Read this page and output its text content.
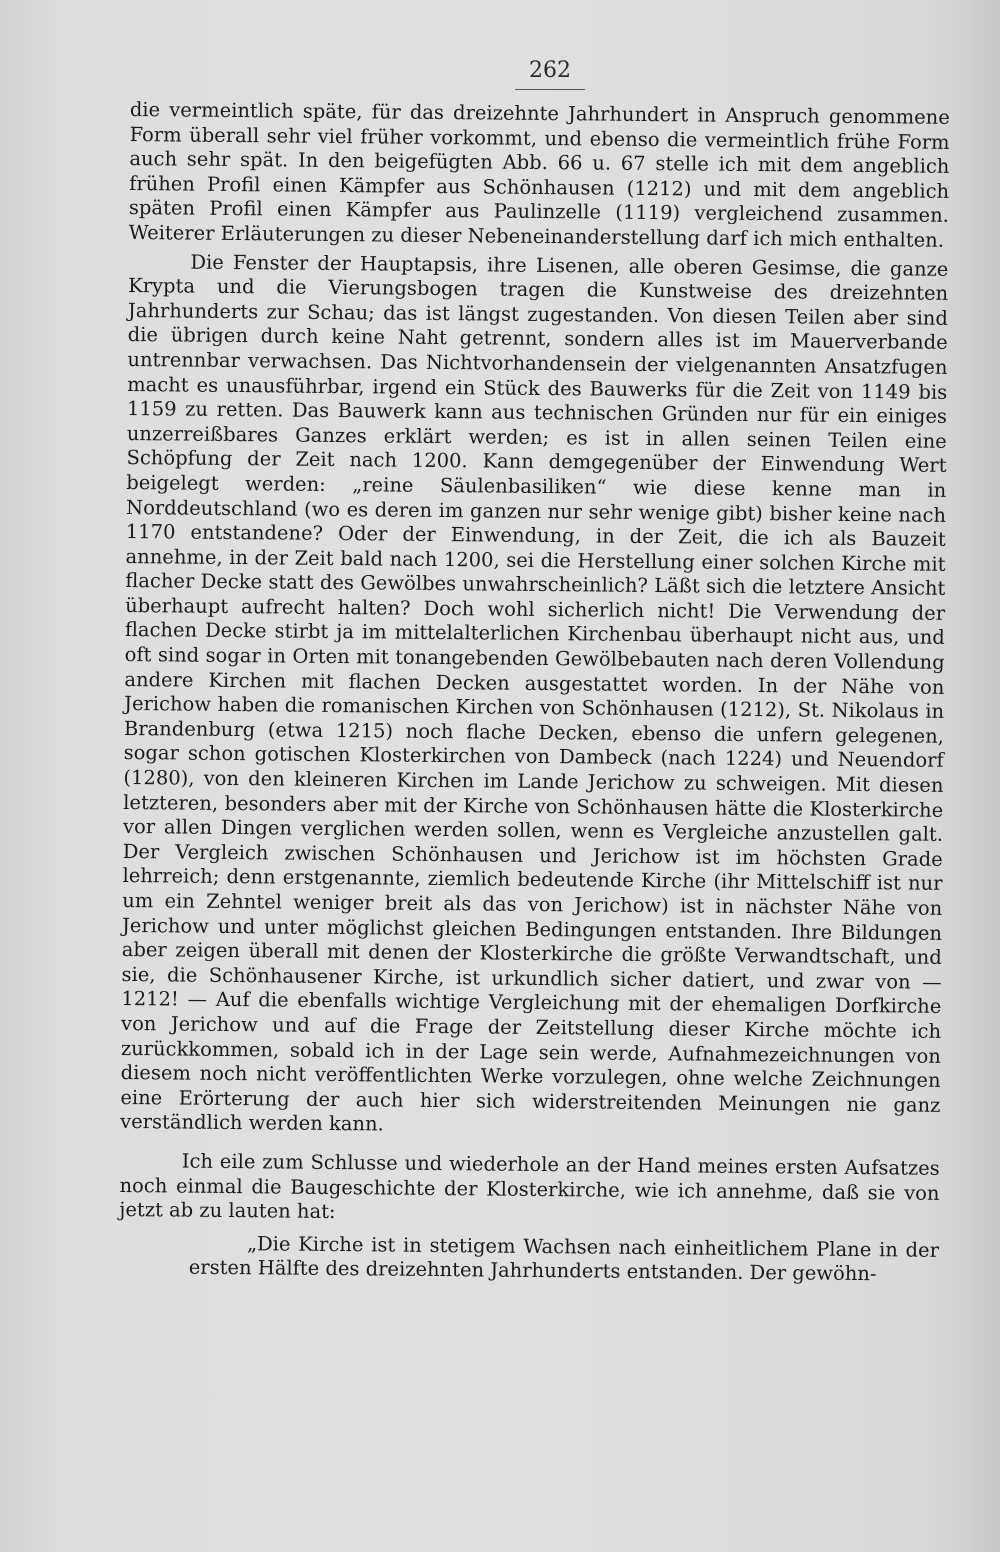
262

die vermeintlich späte, für das dreizehnte Jahrhundert in Anspruch genommene Form überall sehr viel früher vorkommt, und ebenso die vermeintlich frühe Form auch sehr spät. In den beigefügten Abb. 66 u. 67 stelle ich mit dem angeblich frühen Profil einen Kämpfer aus Schönhausen (1212) und mit dem angeblich späten Profil einen Kämpfer aus Paulinzelle (1119) vergleichend zusammen. Weiterer Erläuterungen zu dieser Nebeneinanderstellung darf ich mich enthalten.

Die Fenster der Hauptapsis, ihre Lisenen, alle oberen Gesimse, die ganze Krypta und die Vierungsbogen tragen die Kunstweise des dreizehnten Jahrhunderts zur Schau; das ist längst zugestanden. Von diesen Teilen aber sind die übrigen durch keine Naht getrennt, sondern alles ist im Mauerverbande untrennbar verwachsen. Das Nichtvorhandensein der vielgenannten Ansatzfugen macht es unausführbar, irgend ein Stück des Bauwerks für die Zeit von 1149 bis 1159 zu retten. Das Bauwerk kann aus technischen Gründen nur für ein einiges unzerreißbares Ganzes erklärt werden; es ist in allen seinen Teilen eine Schöpfung der Zeit nach 1200. Kann demgegenüber der Einwendung Wert beigelegt werden: „reine Säulenbasiliken“ wie diese kenne man in Norddeutschland (wo es deren im ganzen nur sehr wenige gibt) bisher keine nach 1170 entstandene? Oder der Einwendung, in der Zeit, die ich als Bauzeit annehme, in der Zeit bald nach 1200, sei die Herstellung einer solchen Kirche mit flacher Decke statt des Gewölbes unwahrscheinlich? Läßt sich die letztere Ansicht überhaupt aufrecht halten? Doch wohl sicherlich nicht! Die Verwendung der flachen Decke stirbt ja im mittelalterlichen Kirchenbau überhaupt nicht aus, und oft sind sogar in Orten mit tonangebenden Gewölbebauten nach deren Vollendung andere Kirchen mit flachen Decken ausgestattet worden. In der Nähe von Jerichow haben die romanischen Kirchen von Schönhausen (1212), St. Nikolaus in Brandenburg (etwa 1215) noch flache Decken, ebenso die unfern gelegenen, sogar schon gotischen Klosterkirchen von Dambeck (nach 1224) und Neuendorf (1280), von den kleineren Kirchen im Lande Jerichow zu schweigen. Mit diesen letzteren, besonders aber mit der Kirche von Schönhausen hätte die Klosterkirche vor allen Dingen verglichen werden sollen, wenn es Vergleiche anzustellen galt. Der Vergleich zwischen Schönhausen und Jerichow ist im höchsten Grade lehrreich; denn erstgenannte, ziemlich bedeutende Kirche (ihr Mittelschiff ist nur um ein Zehntel weniger breit als das von Jerichow) ist in nächster Nähe von Jerichow und unter möglichst gleichen Bedingungen entstanden. Ihre Bildungen aber zeigen überall mit denen der Klosterkirche die größte Verwandtschaft, und sie, die Schönhausener Kirche, ist urkundlich sicher datiert, und zwar von — 1212! — Auf die ebenfalls wichtige Vergleichung mit der ehemaligen Dorfkirche von Jerichow und auf die Frage der Zeitstellung dieser Kirche möchte ich zurückkommen, sobald ich in der Lage sein werde, Aufnahmezeichnungen von diesem noch nicht veröffentlichten Werke vorzulegen, ohne welche Zeichnungen eine Erörterung der auch hier sich widerstreitenden Meinungen nie ganz verständlich werden kann.

Ich eile zum Schlusse und wiederhole an der Hand meines ersten Aufsatzes noch einmal die Baugeschichte der Klosterkirche, wie ich annehme, daß sie von jetzt ab zu lauten hat:

„Die Kirche ist in stetigem Wachsen nach einheitlichem Plane in der ersten Hälfte des dreizehnten Jahrhunderts entstanden. Der gewöhn-
